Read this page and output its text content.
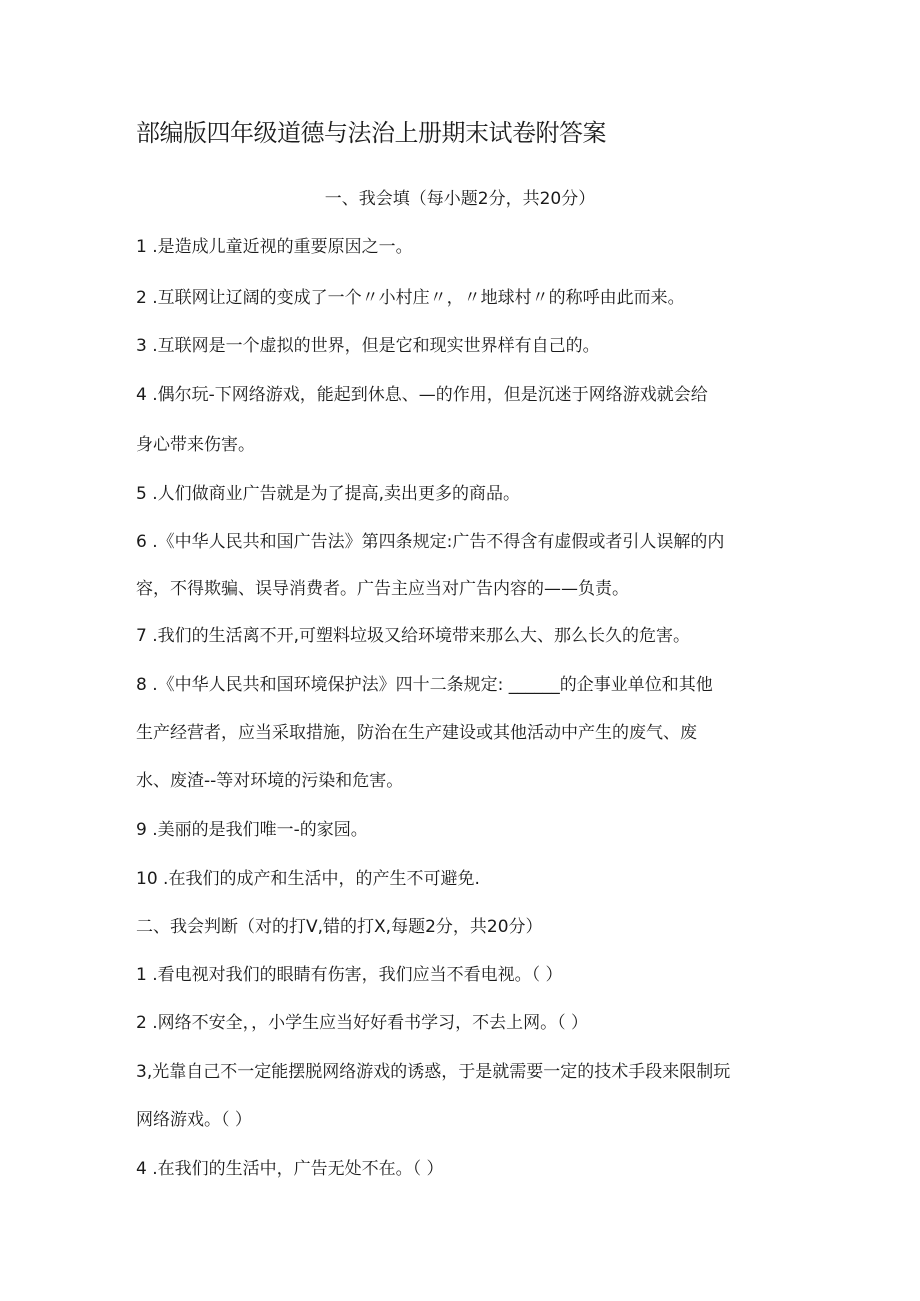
部编版四年级道德与法治上册期末试卷附答案
一、我会填（每小题2分，共20分）
1 .是造成儿童近视的重要原因之一。
2 .互联网让辽阔的变成了一个〃小村庄〃，〃地球村〃的称呼由此而来。
3 .互联网是一个虚拟的世界，但是它和现实世界样有自己的。
4 .偶尔玩-下网络游戏，能起到休息、—的作用，但是沉迷于网络游戏就会给
身心带来伤害。
5 .人们做商业广告就是为了提高,卖出更多的商品。
6 .《中华人民共和国广告法》第四条规定:广告不得含有虚假或者引人误解的内
容，不得欺骗、误导消费者。广告主应当对广告内容的——负责。
7 .我们的生活离不开,可塑料垃圾又给环境带来那么大、那么长久的危害。
8 .《中华人民共和国环境保护法》四十二条规定: ______的企事业单位和其他
生产经营者，应当采取措施，防治在生产建设或其他活动中产生的废气、废
水、废渣--等对环境的污染和危害。
9 .美丽的是我们唯一-的家园。
10 .在我们的成产和生活中，的产生不可避免.
二、我会判断（对的打V,错的打X,每题2分，共20分）
1 .看电视对我们的眼睛有伤害，我们应当不看电视。（ ）
2 .网络不安全，，小学生应当好好看书学习，不去上网。（ ）
3,光靠自己不一定能摆脱网络游戏的诱惑，于是就需要一定的技术手段来限制玩
网络游戏。（ ）
4 .在我们的生活中，广告无处不在。（ ）
